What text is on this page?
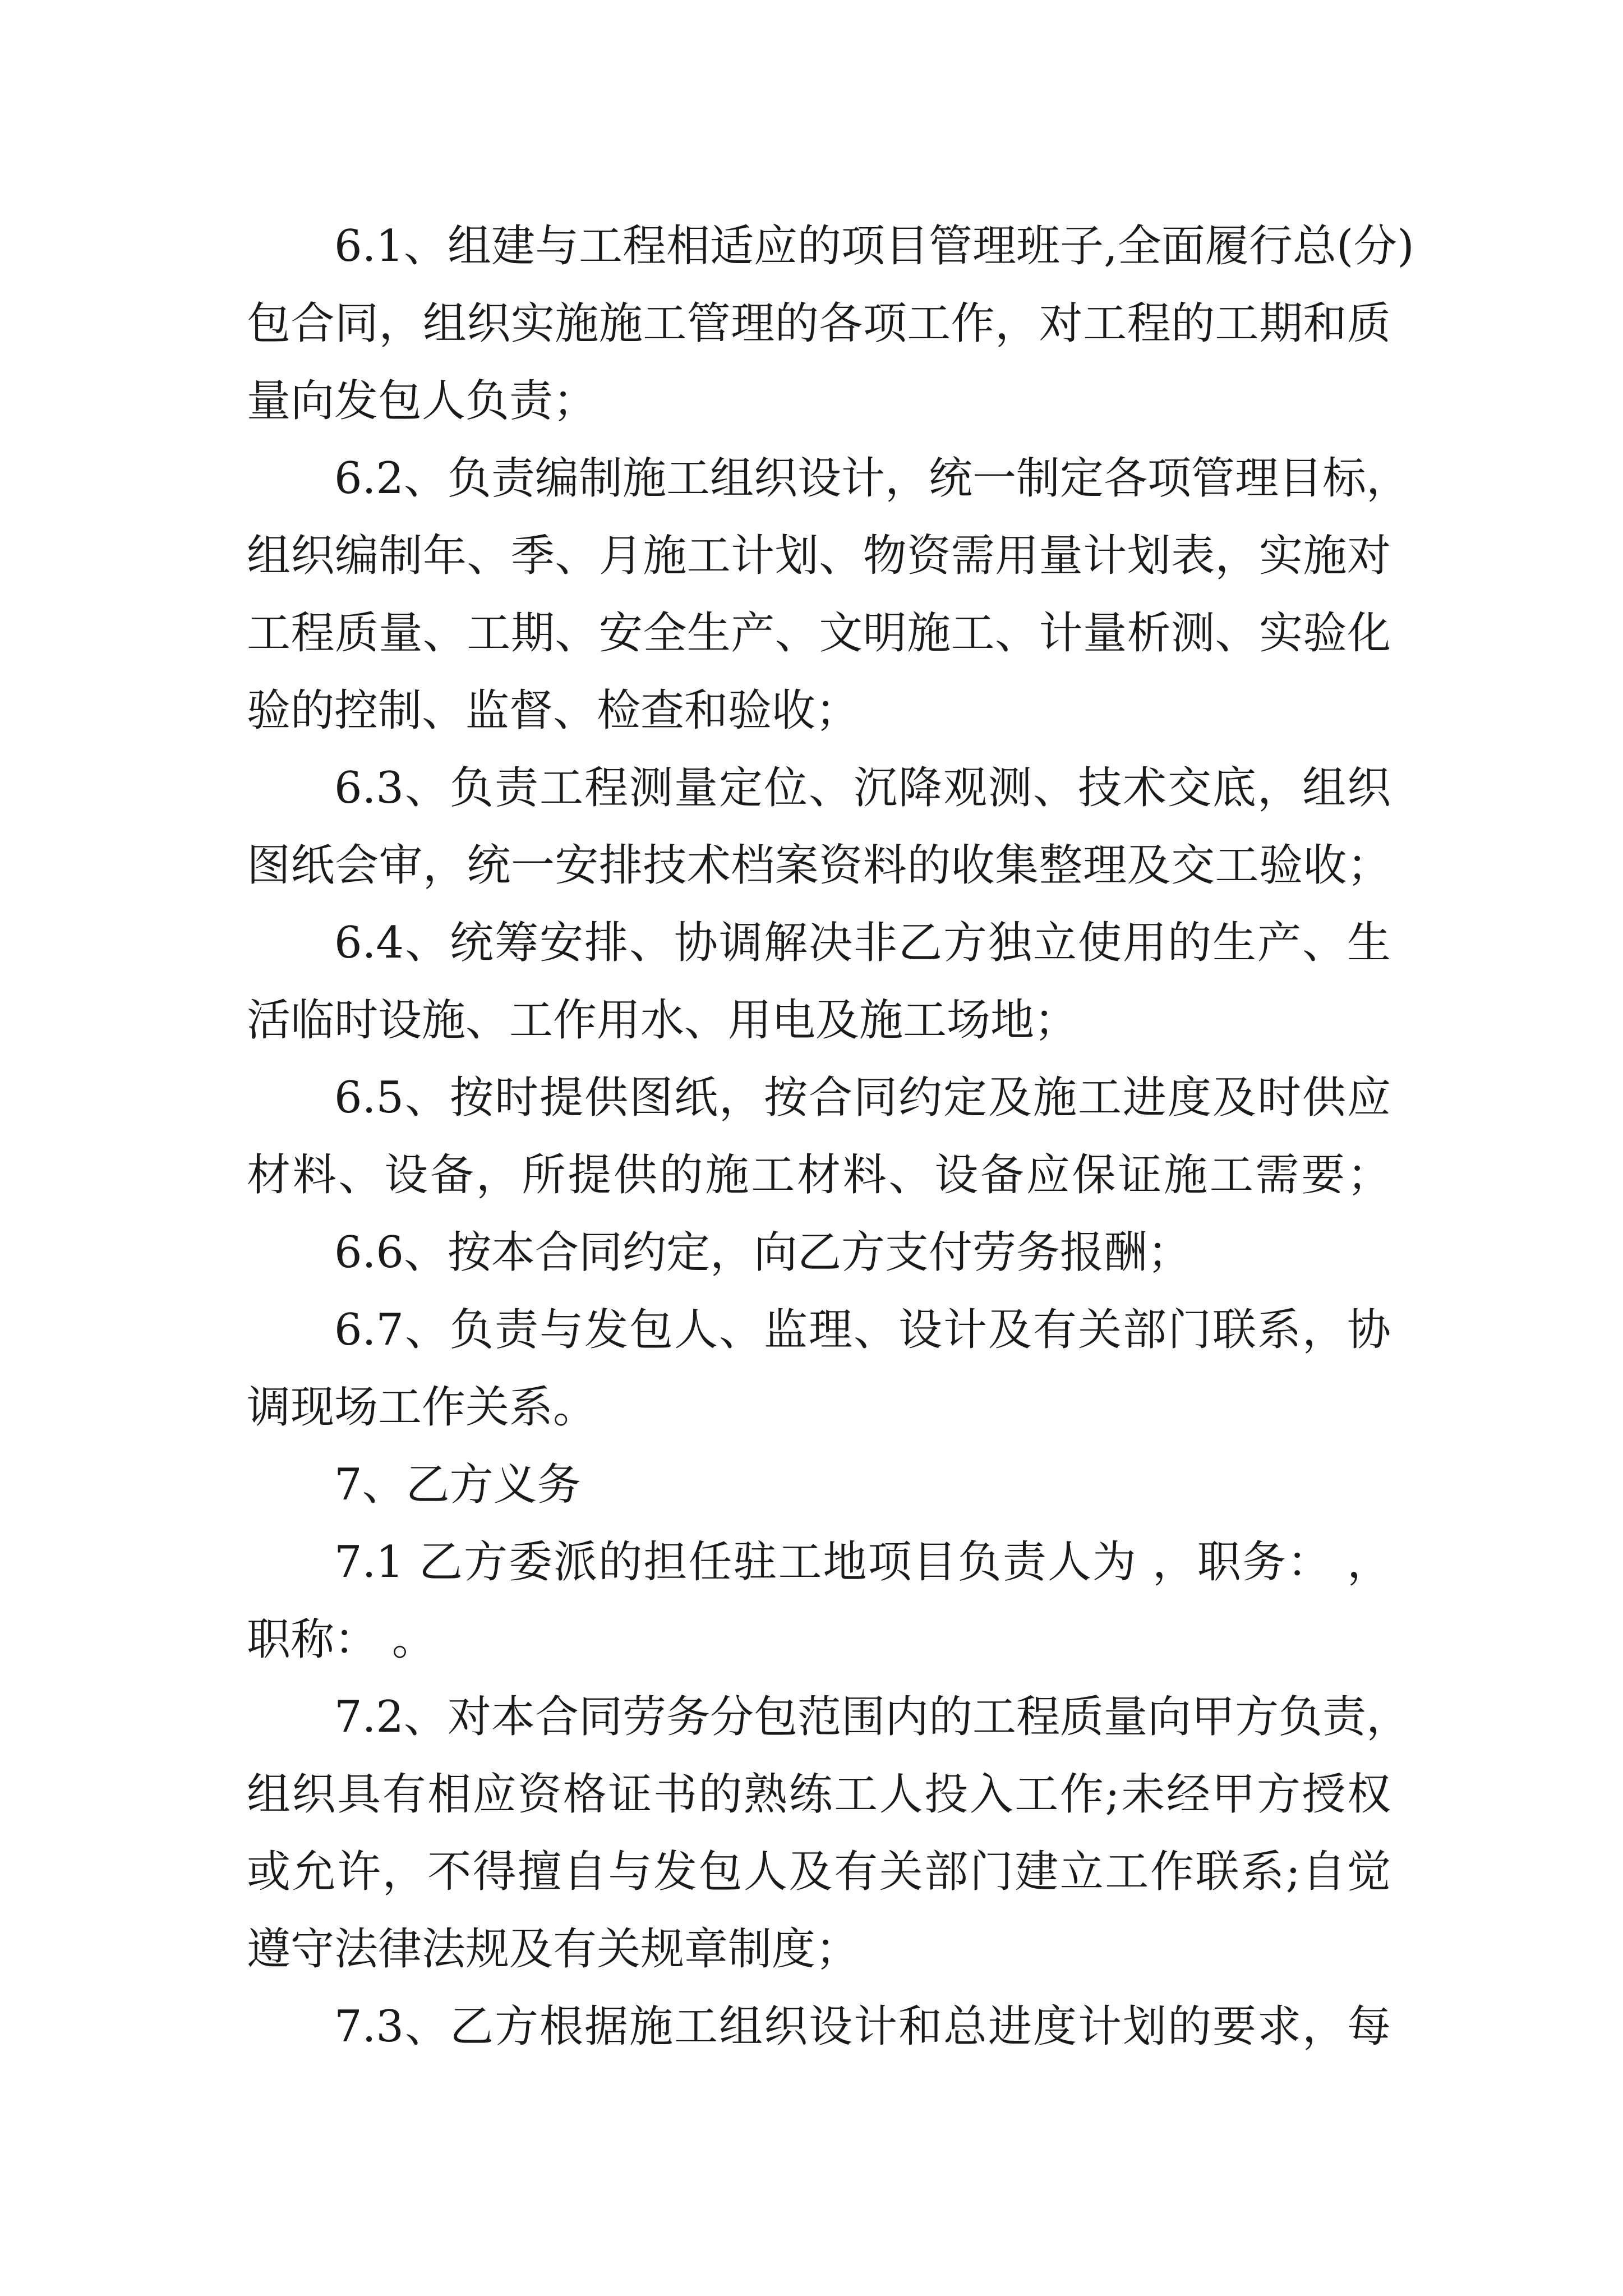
6.1、组建与工程相适应的项目管理班子,全面履行总(分)
包合同，组织实施施工管理的各项工作，对工程的工期和质
量向发包人负责；
6.2、负责编制施工组织设计，统一制定各项管理目标，
组织编制年、季、月施工计划、物资需用量计划表，实施对
工程质量、工期、安全生产、文明施工、计量析测、实验化
验的控制、监督、检查和验收；
6.3、负责工程测量定位、沉降观测、技术交底，组织
图纸会审，统一安排技术档案资料的收集整理及交工验收；
6.4、统筹安排、协调解决非乙方独立使用的生产、生
活临时设施、工作用水、用电及施工场地；
6.5、按时提供图纸，按合同约定及施工进度及时供应
材料、设备，所提供的施工材料、设备应保证施工需要；
6.6、按本合同约定，向乙方支付劳务报酬；
6.7、负责与发包人、监理、设计及有关部门联系，协
调现场工作关系。
7、乙方义务
7.1 乙方委派的担任驻工地项目负责人为 ，职务： ，
职称： 。
7.2、对本合同劳务分包范围内的工程质量向甲方负责，
组织具有相应资格证书的熟练工人投入工作;未经甲方授权
或允许，不得擅自与发包人及有关部门建立工作联系;自觉
遵守法律法规及有关规章制度；
7.3、乙方根据施工组织设计和总进度计划的要求，每
